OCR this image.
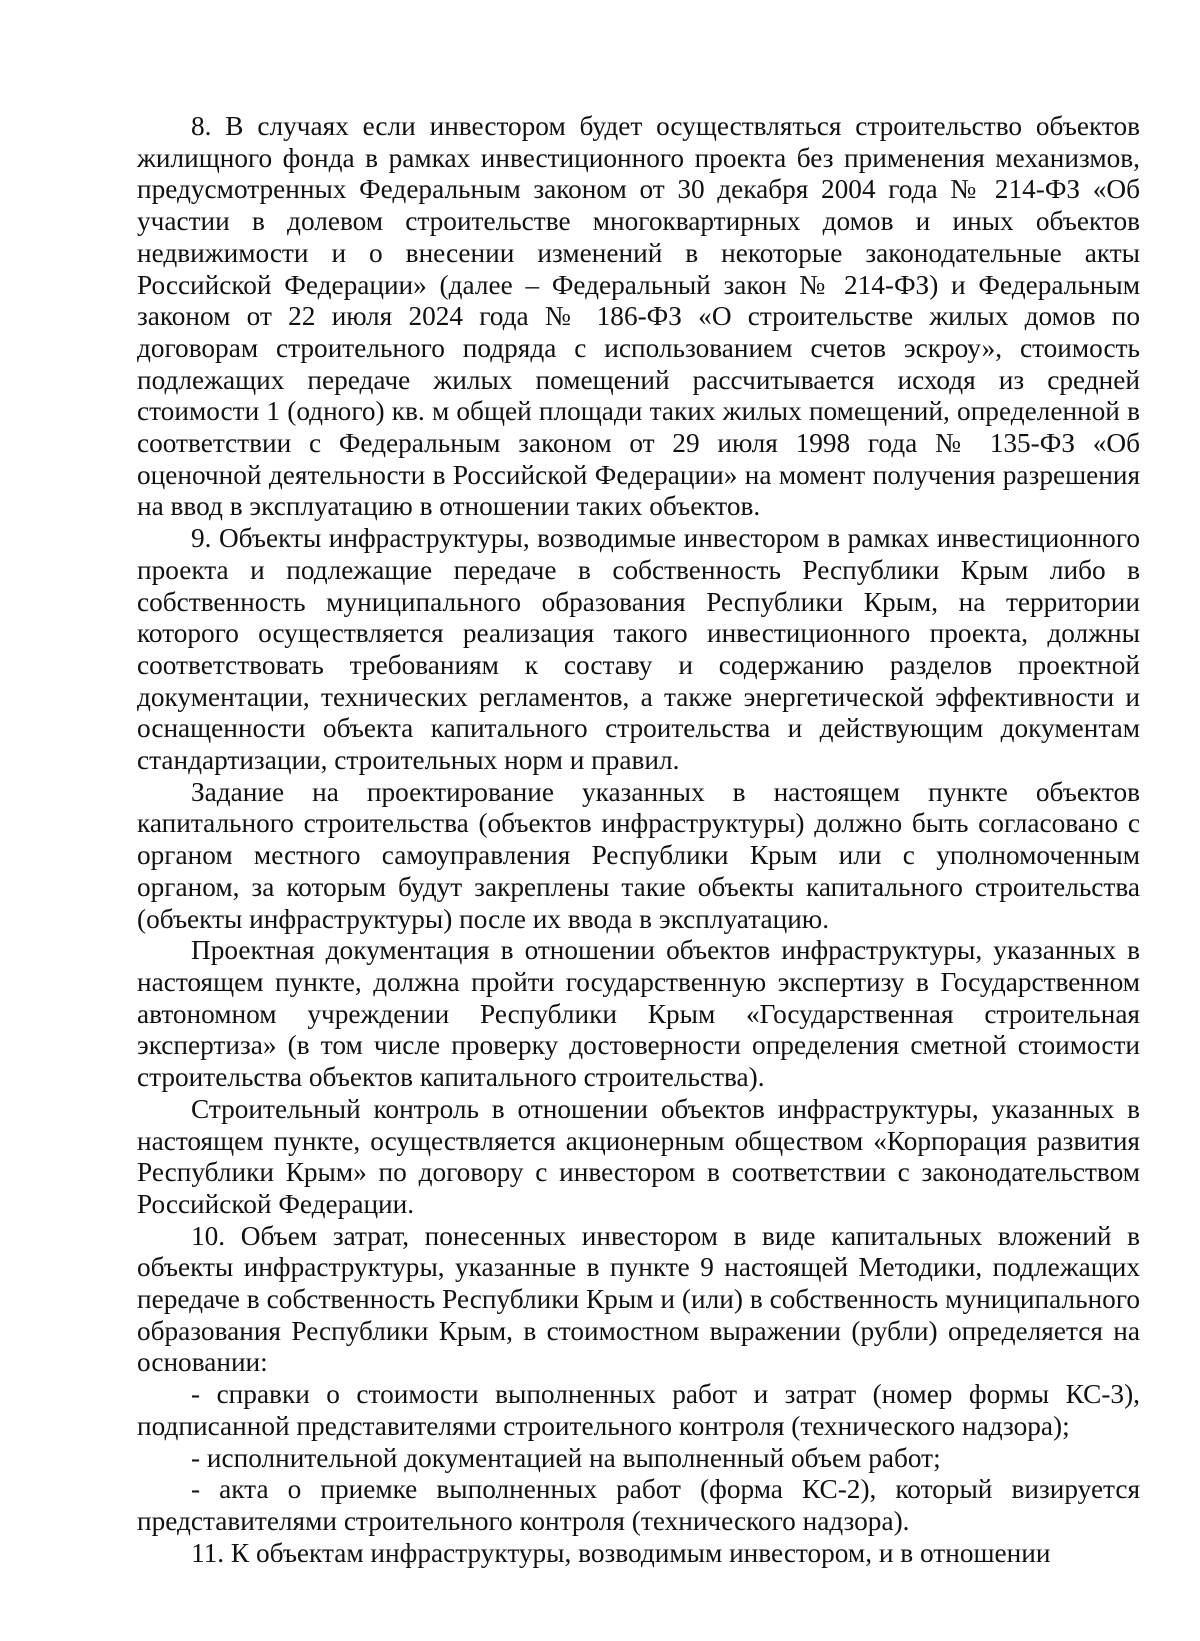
8. В случаях если инвестором будет осуществляться строительство объектов жилищного фонда в рамках инвестиционного проекта без применения механизмов, предусмотренных Федеральным законом от 30 декабря 2004 года № 214-ФЗ «Об участии в долевом строительстве многоквартирных домов и иных объектов недвижимости и о внесении изменений в некоторые законодательные акты Российской Федерации» (далее – Федеральный закон № 214-ФЗ) и Федеральным законом от 22 июля 2024 года № 186-ФЗ «О строительстве жилых домов по договорам строительного подряда с использованием счетов эскроу», стоимость подлежащих передаче жилых помещений рассчитывается исходя из средней стоимости 1 (одного) кв. м общей площади таких жилых помещений, определенной в соответствии с Федеральным законом от 29 июля 1998 года № 135-ФЗ «Об оценочной деятельности в Российской Федерации» на момент получения разрешения на ввод в эксплуатацию в отношении таких объектов.

9. Объекты инфраструктуры, возводимые инвестором в рамках инвестиционного проекта и подлежащие передаче в собственность Республики Крым либо в собственность муниципального образования Республики Крым, на территории которого осуществляется реализация такого инвестиционного проекта, должны соответствовать требованиям к составу и содержанию разделов проектной документации, технических регламентов, а также энергетической эффективности и оснащенности объекта капитального строительства и действующим документам стандартизации, строительных норм и правил.

Задание на проектирование указанных в настоящем пункте объектов капитального строительства (объектов инфраструктуры) должно быть согласовано с органом местного самоуправления Республики Крым или с уполномоченным органом, за которым будут закреплены такие объекты капитального строительства (объекты инфраструктуры) после их ввода в эксплуатацию.

Проектная документация в отношении объектов инфраструктуры, указанных в настоящем пункте, должна пройти государственную экспертизу в Государственном автономном учреждении Республики Крым «Государственная строительная экспертиза» (в том числе проверку достоверности определения сметной стоимости строительства объектов капитального строительства).

Строительный контроль в отношении объектов инфраструктуры, указанных в настоящем пункте, осуществляется акционерным обществом «Корпорация развития Республики Крым» по договору с инвестором в соответствии с законодательством Российской Федерации.

10. Объем затрат, понесенных инвестором в виде капитальных вложений в объекты инфраструктуры, указанные в пункте 9 настоящей Методики, подлежащих передаче в собственность Республики Крым и (или) в собственность муниципального образования Республики Крым, в стоимостном выражении (рубли) определяется на основании:

- справки о стоимости выполненных работ и затрат (номер формы КС-3), подписанной представителями строительного контроля (технического надзора);

- исполнительной документацией на выполненный объем работ;

- акта о приемке выполненных работ (форма КС-2), который визируется представителями строительного контроля (технического надзора).

11. К объектам инфраструктуры, возводимым инвестором, и в отношении
